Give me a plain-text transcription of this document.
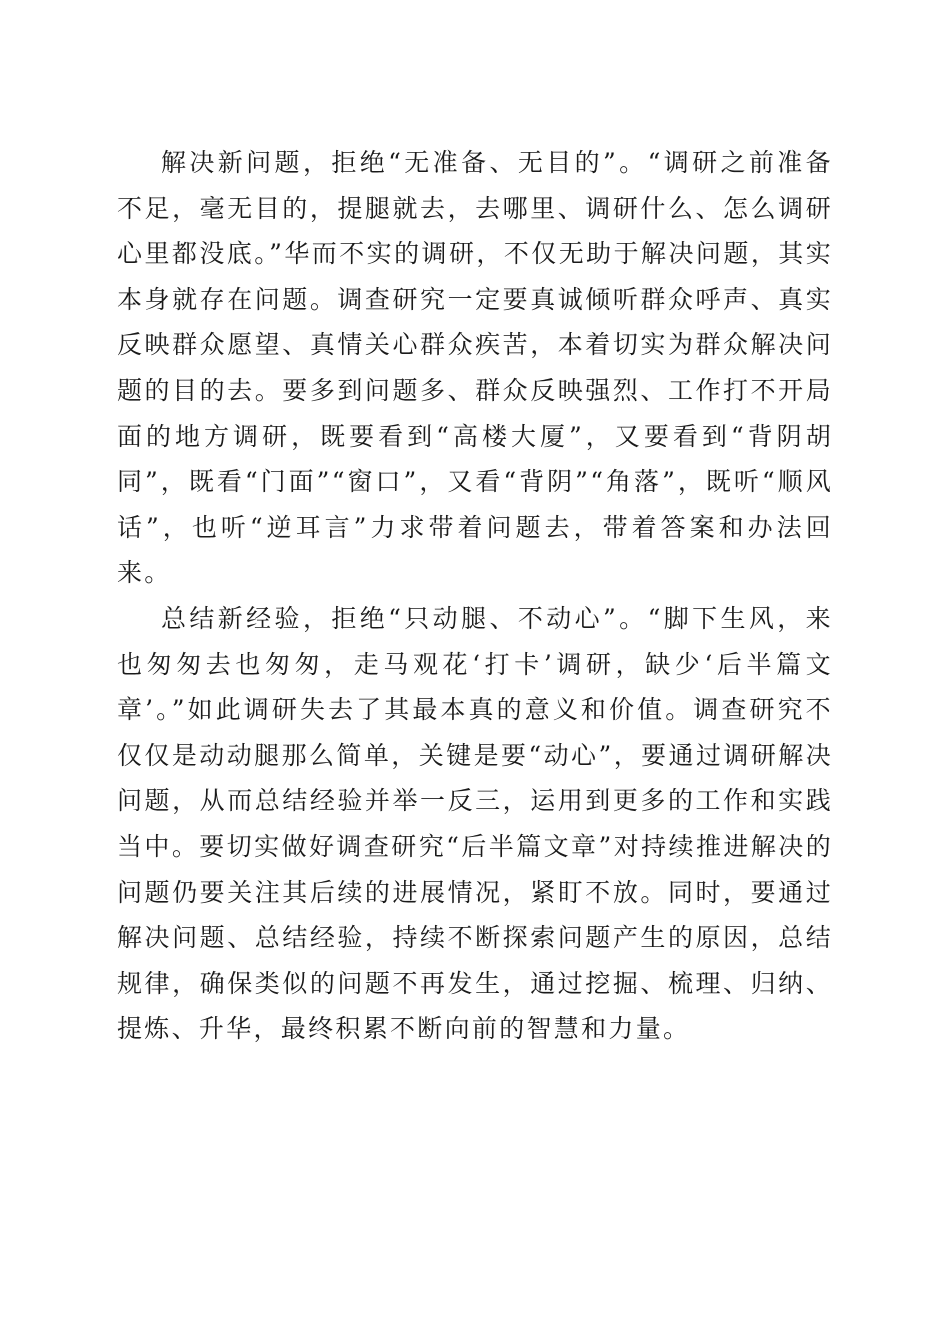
解决新问题，拒绝“无准备、无目的”。“调研之前准备不足，毫无目的，提腿就去，去哪里、调研什么、怎么调研心里都没底。”华而不实的调研，不仅无助于解决问题，其实本身就存在问题。调查研究一定要真诚倾听群众呼声、真实反映群众愿望、真情关心群众疾苦，本着切实为群众解决问题的目的去。要多到问题多、群众反映强烈、工作打不开局面的地方调研，既要看到“高楼大厦”，又要看到“背阴胡同”，既看“门面”“窗口”，又看“背阴”“角落”，既听“顺风话”，也听“逆耳言”力求带着问题去，带着答案和办法回来。

总结新经验，拒绝“只动腿、不动心”。“脚下生风，来也匆匆去也匆匆，走马观花‘打卡’调研，缺少‘后半篇文章’。”如此调研失去了其最本真的意义和价值。调查研究不仅仅是动动腿那么简单，关键是要“动心”，要通过调研解决问题，从而总结经验并举一反三，运用到更多的工作和实践当中。要切实做好调查研究“后半篇文章”对持续推进解决的问题仍要关注其后续的进展情况，紧盯不放。同时，要通过解决问题、总结经验，持续不断探索问题产生的原因，总结规律，确保类似的问题不再发生，通过挖掘、梳理、归纳、提炼、升华，最终积累不断向前的智慧和力量。
